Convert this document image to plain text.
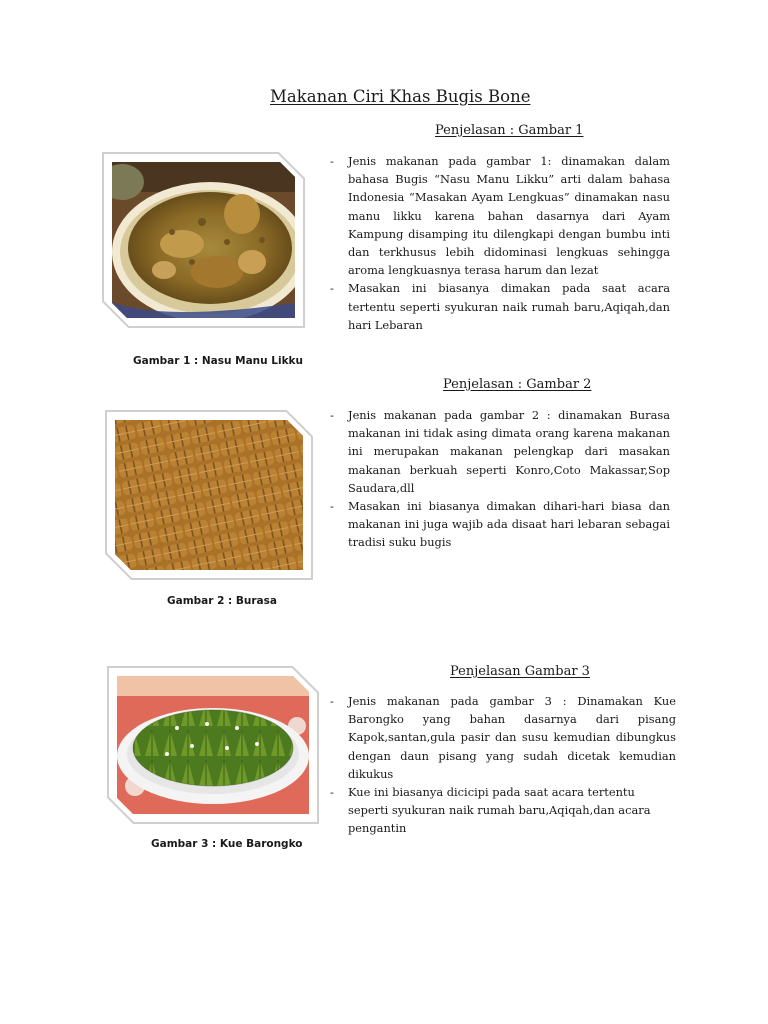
Makanan Ciri Khas Bugis Bone
Penjelasan : Gambar 1
- Jenis makanan pada gambar 1: dinamakan dalam bahasa Bugis “Nasu Manu Likku” arti dalam bahasa Indonesia “Masakan Ayam Lengkuas” dinamakan nasu manu likku karena bahan dasarnya dari Ayam Kampung disamping itu dilengkapi dengan bumbu inti dan terkhusus lebih didominasi lengkuas sehingga aroma lengkuasnya terasa harum dan lezat
- Masakan ini biasanya dimakan pada saat acara tertentu seperti syukuran naik rumah baru,Aqiqah,dan hari Lebaran
Gambar 1 : Nasu Manu Likku
Penjelasan : Gambar 2
- Jenis makanan pada gambar 2 : dinamakan Burasa makanan ini tidak asing dimata orang karena makanan ini merupakan makanan pelengkap dari masakan makanan berkuah seperti Konro,Coto Makassar,Sop Saudara,dll
- Masakan ini biasanya dimakan dihari-hari biasa dan makanan ini juga wajib ada disaat hari lebaran sebagai tradisi suku bugis
Gambar 2 : Burasa
Penjelasan Gambar 3
- Jenis makanan pada gambar 3 : Dinamakan Kue Barongko yang bahan dasarnya dari pisang Kapok,santan,gula pasir dan susu kemudian dibungkus dengan daun pisang yang sudah dicetak kemudian dikukus
- Kue ini biasanya dicicipi pada saat acara tertentu seperti syukuran naik rumah baru,Aqiqah,dan acara pengantin
Gambar 3 : Kue Barongko
